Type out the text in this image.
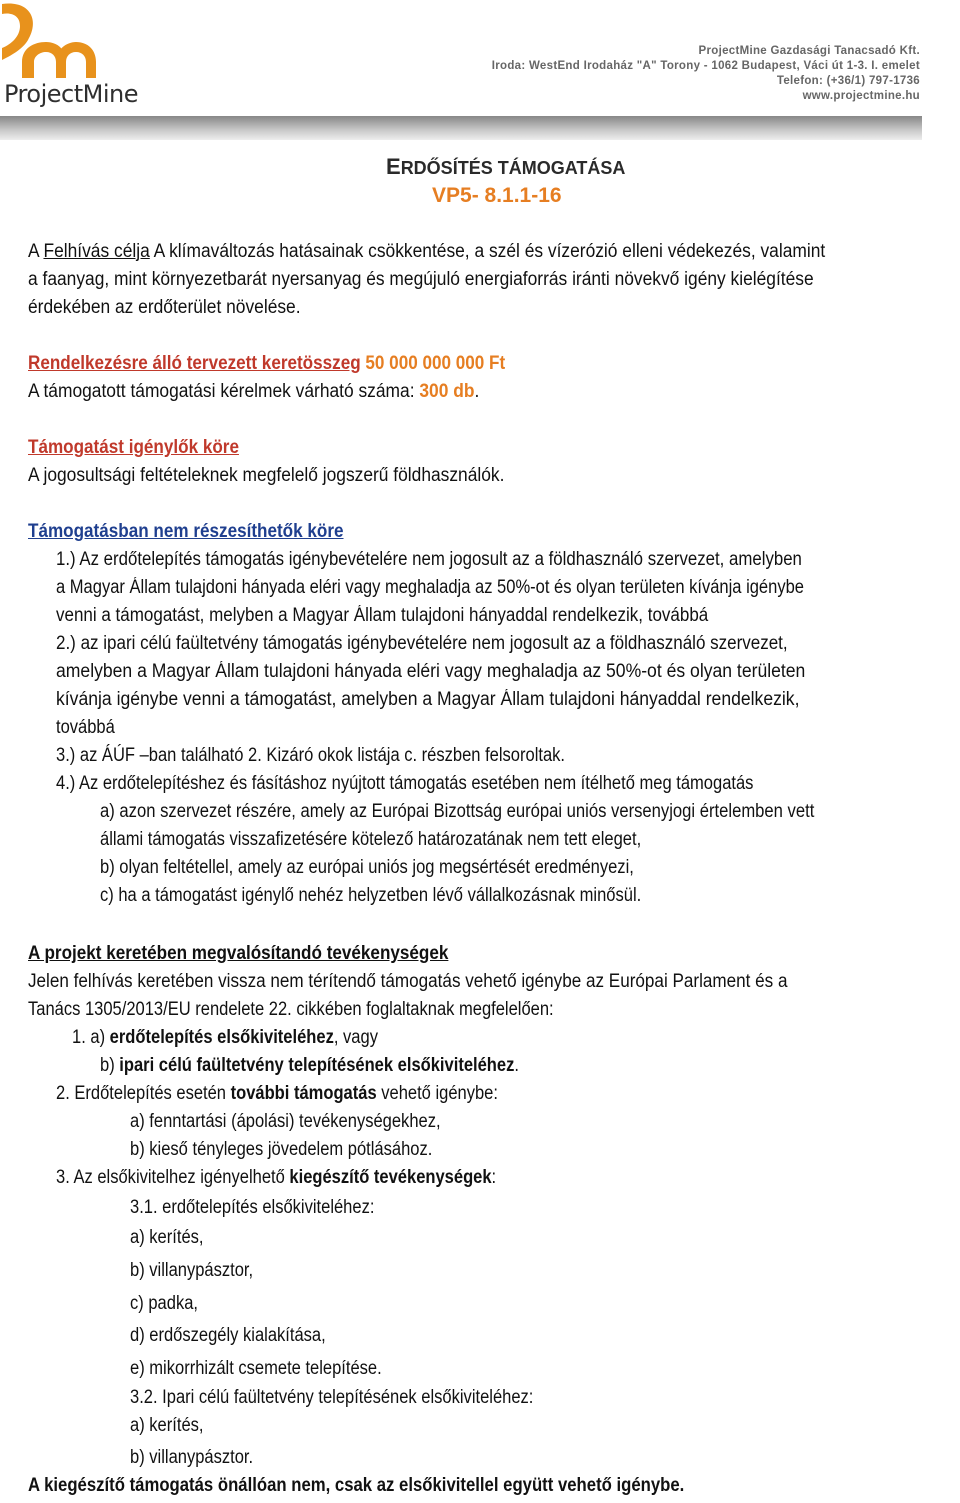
ProjectMine
ProjectMine Gazdasági Tanacsadó Kft.
Iroda: WestEnd Irodaház "A" Torony - 1062 Budapest, Váci út 1-3. I. emelet
Telefon: (+36/1) 797-1736
www.projectmine.hu
ERDŐSÍTÉS TÁMOGATÁSA
VP5- 8.1.1-16
A Felhívás célja A klímaváltozás hatásainak csökkentése, a szél és vízerózió elleni védekezés, valamint
a faanyag, mint környezetbarát nyersanyag és megújuló energiaforrás iránti növekvő igény kielégítése
érdekében az erdőterület növelése.
Rendelkezésre álló tervezett keretösszeg 50 000 000 000 Ft
A támogatott támogatási kérelmek várható száma: 300 db.
Támogatást igénylők köre
A jogosultsági feltételeknek megfelelő jogszerű földhasználók.
Támogatásban nem részesíthetők köre
1.) Az erdőtelepítés támogatás igénybevételére nem jogosult az a földhasználó szervezet, amelyben
a Magyar Állam tulajdoni hányada eléri vagy meghaladja az 50%-ot és olyan területen kívánja igénybe
venni a támogatást, melyben a Magyar Állam tulajdoni hányaddal rendelkezik, továbbá
2.) az ipari célú faültetvény támogatás igénybevételére nem jogosult az a földhasználó szervezet,
amelyben a Magyar Állam tulajdoni hányada eléri vagy meghaladja az 50%-ot és olyan területen
kívánja igénybe venni a támogatást, amelyben a Magyar Állam tulajdoni hányaddal rendelkezik,
továbbá
3.) az ÁÚF –ban található 2. Kizáró okok listája c. részben felsoroltak.
4.) Az erdőtelepítéshez és fásításhoz nyújtott támogatás esetében nem ítélhető meg támogatás
a) azon szervezet részére, amely az Európai Bizottság európai uniós versenyjogi értelemben vett
állami támogatás visszafizetésére kötelező határozatának nem tett eleget,
b) olyan feltétellel, amely az európai uniós jog megsértését eredményezi,
c) ha a támogatást igénylő nehéz helyzetben lévő vállalkozásnak minősül.
A projekt keretében megvalósítandó tevékenységek
Jelen felhívás keretében vissza nem térítendő támogatás vehető igénybe az Európai Parlament és a
Tanács 1305/2013/EU rendelete 22. cikkében foglaltaknak megfelelően:
1. a) erdőtelepítés elsőkiviteléhez, vagy
b) ipari célú faültetvény telepítésének elsőkiviteléhez.
2. Erdőtelepítés esetén további támogatás vehető igénybe:
a) fenntartási (ápolási) tevékenységekhez,
b) kieső tényleges jövedelem pótlásához.
3. Az elsőkivitelhez igényelhető kiegészítő tevékenységek:
3.1. erdőtelepítés elsőkiviteléhez:
a) kerítés,
b) villanypásztor,
c) padka,
d) erdőszegély kialakítása,
e) mikorrhizált csemete telepítése.
3.2. Ipari célú faültetvény telepítésének elsőkiviteléhez:
a) kerítés,
b) villanypásztor.
A kiegészítő támogatás önállóan nem, csak az elsőkivitellel együtt vehető igénybe.
